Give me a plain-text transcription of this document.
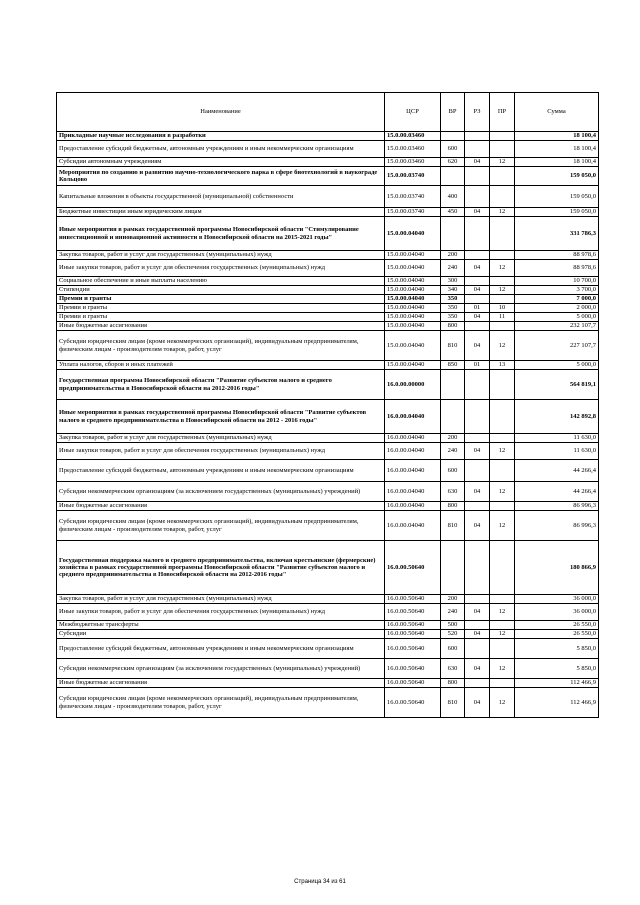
Наименование	ЦСР	ВР	РЗ	ПР	Сумма
Прикладные научные исследования в разработки	15.0.00.03460				18 100,4
Предоставление субсидий бюджетным, автономным учреждениям и иным некоммерческим организациям	15.0.00.03460	600			18 100,4
Субсидии автономным учреждениям	15.0.00.03460	620	04	12	18 100,4
Мероприятия по созданию и развитию научно-технологического парка в сфере биотехнологий в наукограде Кольцово	15.0.00.03740				159 050,0
Капитальные вложения в объекты государственной (муниципальной) собственности	15.0.00.03740	400			159 050,0
Бюджетные инвестиции иным юридическим лицам	15.0.00.03740	450	04	12	159 050,0
Иные мероприятия в рамках государственной программы Новосибирской области "Стимулирование инвестиционной и инновационной активности в Новосибирской области на 2015-2021 годы"	15.0.00.04040				331 786,3
Закупка товаров, работ и услуг для государственных (муниципальных) нужд	15.0.00.04040	200			88 978,6
Иные закупки товаров, работ и услуг для обеспечения государственных (муниципальных) нужд	15.0.00.04040	240	04	12	88 978,6
Социальное обеспечение и иные выплаты населению	15.0.00.04040	300			10 700,0
Стипендии	15.0.00.04040	340	04	12	3 700,0
Премии и гранты	15.0.00.04040	350			7 000,0
Премии и гранты	15.0.00.04040	350	01	10	2 000,0
Премии и гранты	15.0.00.04040	350	04	11	5 000,0
Иные бюджетные ассигнования	15.0.00.04040	800			232 107,7
Субсидии юридическим лицам (кроме некоммерческих организаций), индивидуальным предпринимателям, физическим лицам - производителям товаров, работ, услуг	15.0.00.04040	810	04	12	227 107,7
Уплата налогов, сборов и иных платежей	15.0.00.04040	850	01	13	5 000,0
Государственная программа Новосибирской области "Развитие субъектов малого и среднего предпринимательства в Новосибирской области на 2012-2016 годы"	16.0.00.00000				564 819,1
Иные мероприятия в рамках государственной программы Новосибирской области "Развитие субъектов малого и среднего предпринимательства в Новосибирской области на 2012 - 2016 годы"	16.0.00.04040				142 892,8
Закупка товаров, работ и услуг для государственных (муниципальных) нужд	16.0.00.04040	200			11 630,0
Иные закупки товаров, работ и услуг для обеспечения государственных (муниципальных) нужд	16.0.00.04040	240	04	12	11 630,0
Предоставление субсидий бюджетным, автономным учреждениям и иным некоммерческим организациям	16.0.00.04040	600			44 266,4
Субсидии некоммерческим организациям (за исключением государственных (муниципальных) учреждений)	16.0.00.04040	630	04	12	44 266,4
Иные бюджетные ассигнования	16.0.00.04040	800			86 996,3
Субсидии юридическим лицам (кроме некоммерческих организаций), индивидуальным предпринимателям, физическим лицам - производителям товаров, работ, услуг	16.0.00.04040	810	04	12	86 996,3
Государственная поддержка малого и среднего предпринимательства, включая крестьянские (фермерские) хозяйства в рамках государственной программы Новосибирской области "Развитие субъектов малого и среднего предпринимательства в Новосибирской области на 2012-2016 годы"	16.0.00.50640				180 866,9
Закупка товаров, работ и услуг для государственных (муниципальных) нужд	16.0.00.50640	200			36 000,0
Иные закупки товаров, работ и услуг для обеспечения государственных (муниципальных) нужд	16.0.00.50640	240	04	12	36 000,0
Межбюджетные трансферты	16.0.00.50640	500			26 550,0
Субсидии	16.0.00.50640	520	04	12	26 550,0
Предоставление субсидий бюджетным, автономным учреждениям и иным некоммерческим организациям	16.0.00.50640	600			5 850,0
Субсидии некоммерческим организациям (за исключением государственных (муниципальных) учреждений)	16.0.00.50640	630	04	12	5 850,0
Иные бюджетные ассигнования	16.0.00.50640	800			112 466,9
Субсидии юридическим лицам (кроме некоммерческих организаций), индивидуальным предпринимателям, физическим лицам - производителям товаров, работ, услуг	16.0.00.50640	810	04	12	112 466,9
Страница 34 из 61
